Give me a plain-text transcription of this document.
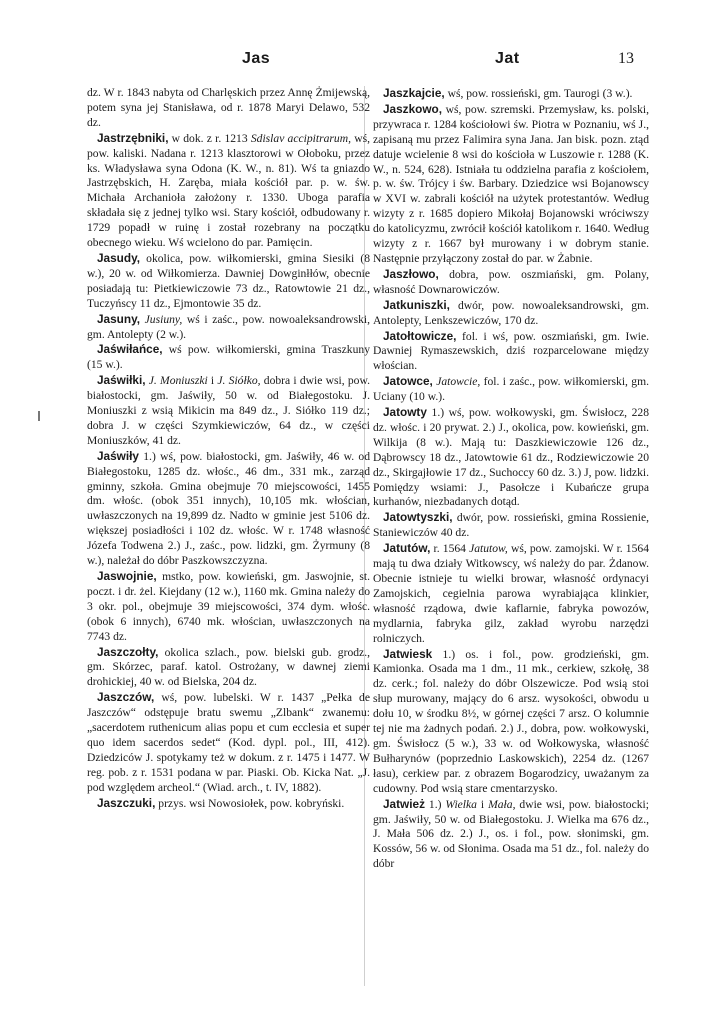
Jas	Jat	13

dz. W r. 1843 nabyta od Charlęskich przez Annę Żmijewską, potem syna jej Stanisława, od r. 1878 Maryi Delawo, 532 dz.

Jastrzębniki, w dok. z r. 1213 Sdislav accipitrarum, wś, pow. kaliski. Nadana r. 1213 klasztorowi w Ołoboku, przez ks. Władysława syna Odona (K. W., n. 81). Wś ta gniazdo Jastrzębskich, H. Zaręba, miała kościół par. p. w. św. Michała Archanioła założony r. 1330. Uboga parafia składała się z jednej tylko wsi. Stary kościół, odbudowany r. 1729 popadł w ruinę i został rozebrany na początku obecnego wieku. Wś wcielono do par. Pamięcin.

Jasudy, okolica, pow. wiłkomierski, gmina Siesiki (8 w.), 20 w. od Wiłkomierza. Dawniej Dowginłłów, obecnie posiadają tu: Pietkiewiczowie 73 dz., Ratowtowie 21 dz., Tuczyńscy 11 dz., Ejmontowie 35 dz.

Jasuny, Jusiuny, wś i zaśc., pow. nowoaleksandrowski, gm. Antolepty (2 w.).

Jaświłańce, wś pow. wiłkomierski, gmina Traszkuny (15 w.).

Jaświłki, J. Moniuszki i J. Siółko, dobra i dwie wsi, pow. białostocki, gm. Jaświły, 50 w. od Białegostoku. J. Moniuszki z wsią Mikicin ma 849 dz., J. Siółko 119 dz.; dobra J. w części Szymkiewiczów, 64 dz., w części Moniuszków, 41 dz.

Jaświły 1.) wś, pow. białostocki, gm. Jaświły, 46 w. od Białegostoku, 1285 dz. włośc., 46 dm., 331 mk., zarząd gminny, szkoła. Gmina obejmuje 70 miejscowości, 1455 dm. włośc. (obok 351 innych), 10,105 mk. włościan, uwłaszczonych na 19,899 dz. Nadto w gminie jest 5106 dz. większej posiadłości i 102 dz. włośc. W r. 1748 własność Józefa Todwena 2.) J., zaśc., pow. lidzki, gm. Żyrmuny (8 w.), należał do dóbr Paszkowszczyzna.

Jaswojnie, mstko, pow. kowieński, gm. Jaswojnie, st. poczt. i dr. żel. Kiejdany (12 w.), 1160 mk. Gmina należy do 3 okr. pol., obejmuje 39 miejscowości, 374 dym. włośc. (obok 6 innych), 6740 mk. włościan, uwłaszczonych na 7743 dz.

Jaszczołty, okolica szlach., pow. bielski gub. grodz., gm. Skórzec, paraf. katol. Ostrożany, w dawnej ziemi drohickiej, 40 w. od Bielska, 204 dz.

Jaszczów, wś, pow. lubelski. W r. 1437 „Pełka de Jaszczów“ odstępuje bratu swemu „Zlbank“ zwanemu: „sacerdotem ruthenicum alias popu et cum ecclesia et super quo idem sacerdos sedet“ (Kod. dypl. pol., III, 412). Dziedziców J. spotykamy też w dokum. z r. 1475 i 1477. W reg. pob. z r. 1531 podana w par. Piaski. Ob. Kicka Nat. „J. pod względem archeol.“ (Wiad. arch., t. IV, 1882).

Jaszczuki, przys. wsi Nowosiołek, pow. kobryński.

Jaszkajcie, wś, pow. rossieński, gm. Taurogi (3 w.).

Jaszkowo, wś, pow. szremski. Przemysław, ks. polski, przywraca r. 1284 kościołowi św. Piotra w Poznaniu, wś J., zapisaną mu przez Falimira syna Jana. Jan bisk. pozn. ztąd datuje wcielenie 8 wsi do kościoła w Luszowie r. 1288 (K. W., n. 524, 628). Istniała tu oddzielna parafia z kościołem, p. w. św. Trójcy i św. Barbary. Dziedzice wsi Bojanowscy w XVI w. zabrali kościół na użytek protestantów. Według wizyty z r. 1685 dopiero Mikołaj Bojanowski wróciwszy do katolicyzmu, zwrócił kościół katolikom r. 1640. Według wizyty z r. 1667 był murowany i w dobrym stanie. Następnie przyłączony został do par. w Żabnie.

Jaszłowo, dobra, pow. oszmiański, gm. Polany, własność Downarowiczów.

Jatkuniszki, dwór, pow. nowoaleksandrowski, gm. Antolepty, Lenkszewiczów, 170 dz.

Jatołtowicze, fol. i wś, pow. oszmiański, gm. Iwie. Dawniej Rymaszewskich, dziś rozparcelowane między włościan.

Jatowce, Jatowcie, fol. i zaśc., pow. wiłkomierski, gm. Uciany (10 w.).

Jatowty 1.) wś, pow. wołkowyski, gm. Świsłocz, 228 dz. włośc. i 20 prywat. 2.) J., okolica, pow. kowieński, gm. Wilkija (8 w.). Mają tu: Daszkiewiczowie 126 dz., Dąbrowscy 18 dz., Jatowtowie 61 dz., Rodziewiczowie 20 dz., Skirgajłowie 17 dz., Suchoccy 60 dz. 3.) J, pow. lidzki. Pomiędzy wsiami: J., Pasołcze i Kubańcze grupa kurhanów, niezbadanych dotąd.

Jatowtyszki, dwór, pow. rossieński, gmina Rossienie, Staniewiczów 40 dz.

Jatutów, r. 1564 Jatutow, wś, pow. zamojski. W r. 1564 mają tu dwa działy Witkowscy, wś należy do par. Żdanow. Obecnie istnieje tu wielki browar, własność ordynacyi Zamojskich, cegielnia parowa wyrabiająca klinkier, własność rządowa, dwie kaflarnie, fabryka powozów, mydlarnia, fabryka gilz, zakład wyrobu narzędzi rolniczych.

Jatwiesk 1.) os. i fol., pow. grodzieński, gm. Kamionka. Osada ma 1 dm., 11 mk., cerkiew, szkołę, 38 dz. cerk.; fol. należy do dóbr Olszewicze. Pod wsią stoi słup murowany, mający do 6 arsz. wysokości, obwodu u dołu 10, w środku 8½, w górnej części 7 arsz. O kolumnie tej nie ma żadnych podań. 2.) J., dobra, pow. wołkowyski, gm. Świsłocz (5 w.), 33 w. od Wołkowyska, własność Bułharynów (poprzednio Laskowskich), 2254 dz. (1267 łasu), cerkiew par. z obrazem Bogarodzicy, uważanym za cudowny. Pod wsią stare cmentarzysko.

Jatwież 1.) Wielka i Mała, dwie wsi, pow. białostocki; gm. Jaświły, 50 w. od Białegostoku. J. Wielka ma 676 dz., J. Mała 506 dz. 2.) J., os. i fol., pow. słonimski, gm. Kossów, 56 w. od Słonima. Osada ma 51 dz., fol. należy do dóbr
